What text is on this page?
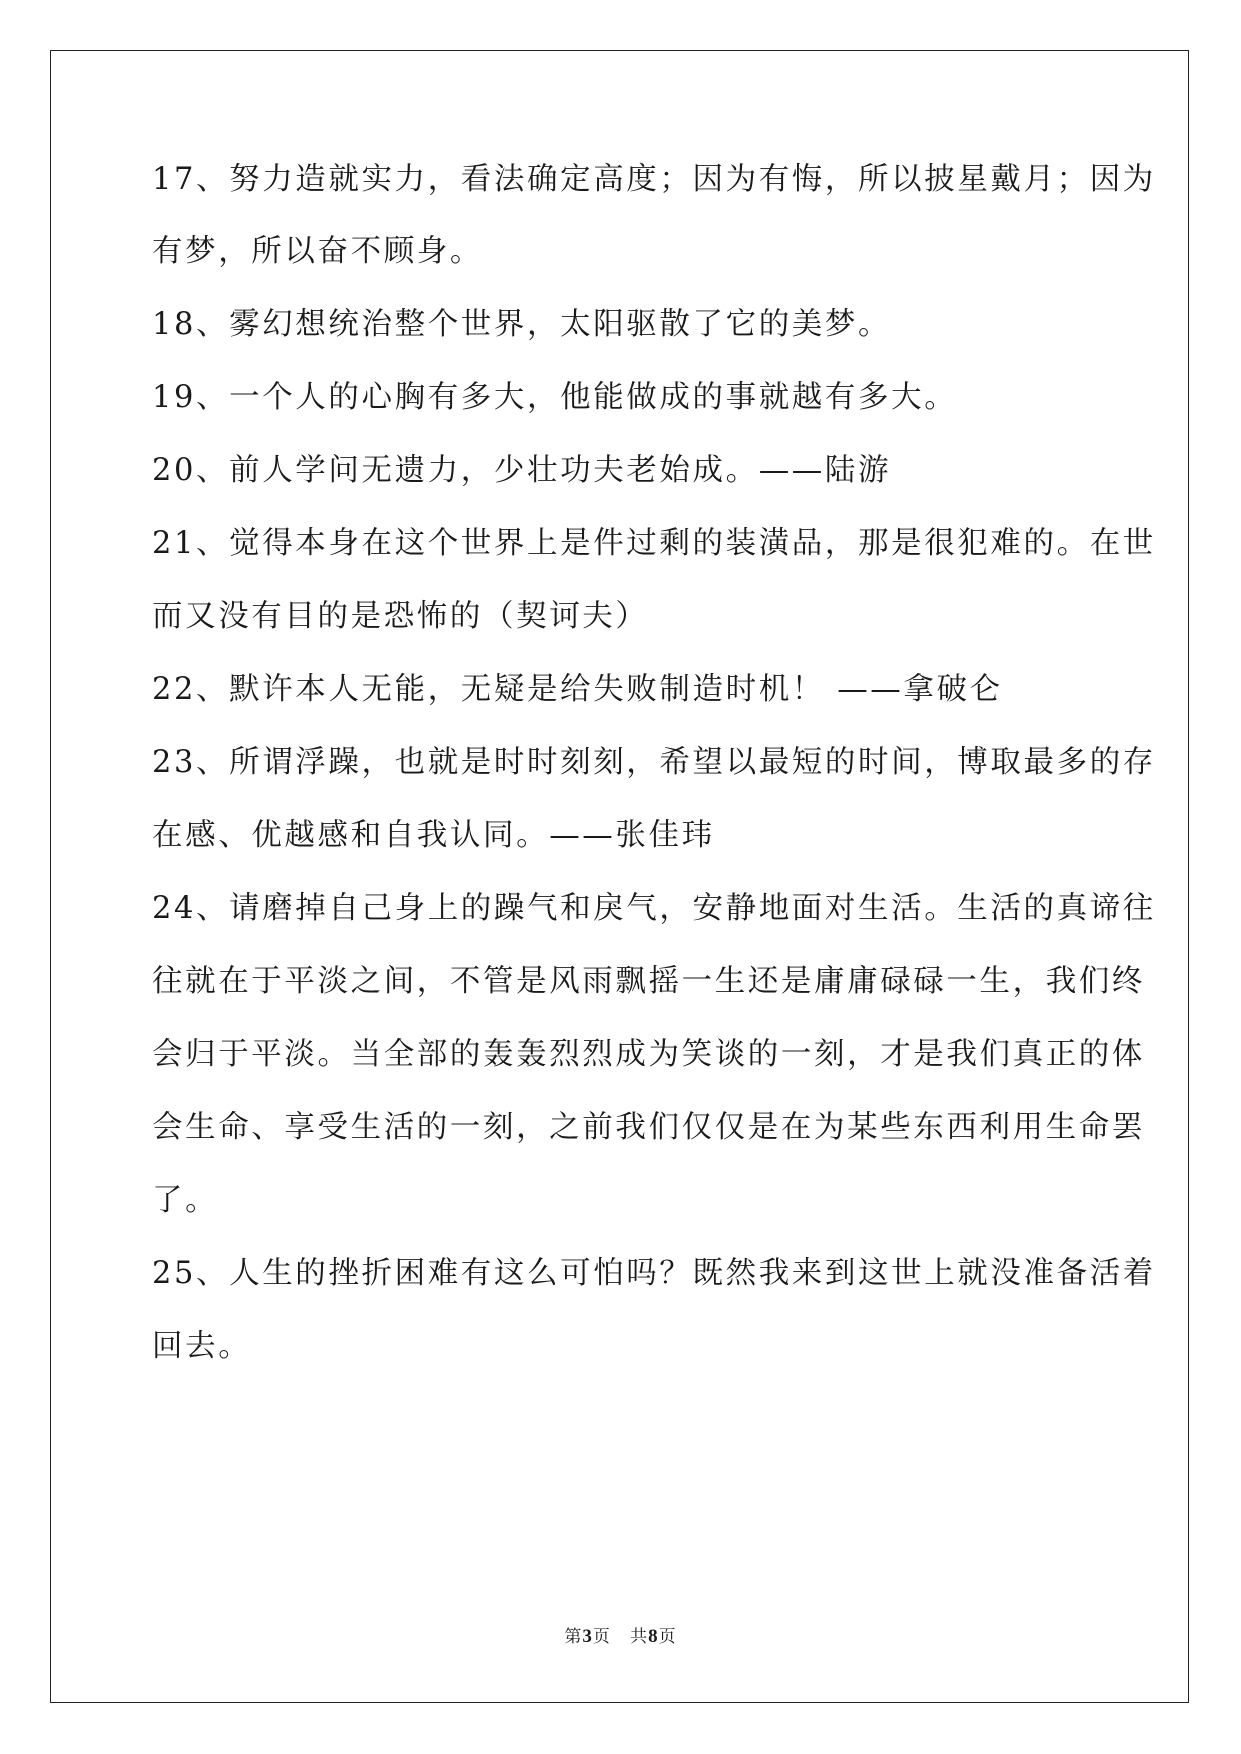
17、努力造就实力，看法确定高度；因为有悔，所以披星戴月；因为
有梦，所以奋不顾身。
18、雾幻想统治整个世界，太阳驱散了它的美梦。
19、一个人的心胸有多大，他能做成的事就越有多大。
20、前人学问无遗力，少壮功夫老始成。——陆游
21、觉得本身在这个世界上是件过剩的装潢品，那是很犯难的。在世
而又没有目的是恐怖的（契诃夫）
22、默许本人无能，无疑是给失败制造时机！ ——拿破仑
23、所谓浮躁，也就是时时刻刻，希望以最短的时间，博取最多的存
在感、优越感和自我认同。——张佳玮
24、请磨掉自己身上的躁气和戾气，安静地面对生活。生活的真谛往
往就在于平淡之间，不管是风雨飘摇一生还是庸庸碌碌一生，我们终
会归于平淡。当全部的轰轰烈烈成为笑谈的一刻，才是我们真正的体
会生命、享受生活的一刻，之前我们仅仅是在为某些东西利用生命罢
了。
25、人生的挫折困难有这么可怕吗？既然我来到这世上就没准备活着
回去。
第3页   共8页
